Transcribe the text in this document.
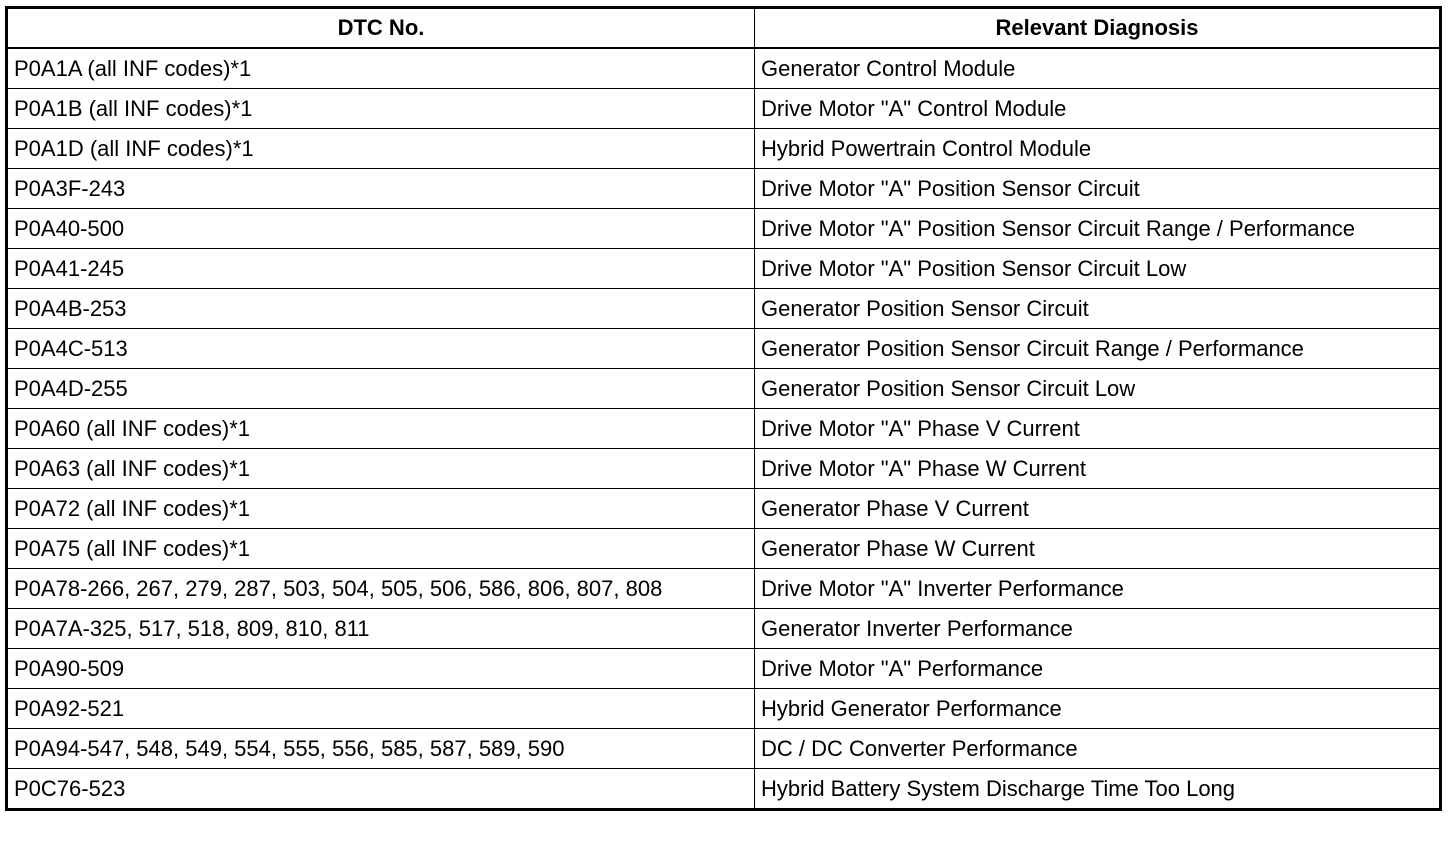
DTC No.	Relevant Diagnosis
P0A1A (all INF codes)*1	Generator Control Module
P0A1B (all INF codes)*1	Drive Motor "A" Control Module
P0A1D (all INF codes)*1	Hybrid Powertrain Control Module
P0A3F-243	Drive Motor "A" Position Sensor Circuit
P0A40-500	Drive Motor "A" Position Sensor Circuit Range / Performance
P0A41-245	Drive Motor "A" Position Sensor Circuit Low
P0A4B-253	Generator Position Sensor Circuit
P0A4C-513	Generator Position Sensor Circuit Range / Performance
P0A4D-255	Generator Position Sensor Circuit Low
P0A60 (all INF codes)*1	Drive Motor "A" Phase V Current
P0A63 (all INF codes)*1	Drive Motor "A" Phase W Current
P0A72 (all INF codes)*1	Generator Phase V Current
P0A75 (all INF codes)*1	Generator Phase W Current
P0A78-266, 267, 279, 287, 503, 504, 505, 506, 586, 806, 807, 808	Drive Motor "A" Inverter Performance
P0A7A-325, 517, 518, 809, 810, 811	Generator Inverter Performance
P0A90-509	Drive Motor "A" Performance
P0A92-521	Hybrid Generator Performance
P0A94-547, 548, 549, 554, 555, 556, 585, 587, 589, 590	DC / DC Converter Performance
P0C76-523	Hybrid Battery System Discharge Time Too Long
